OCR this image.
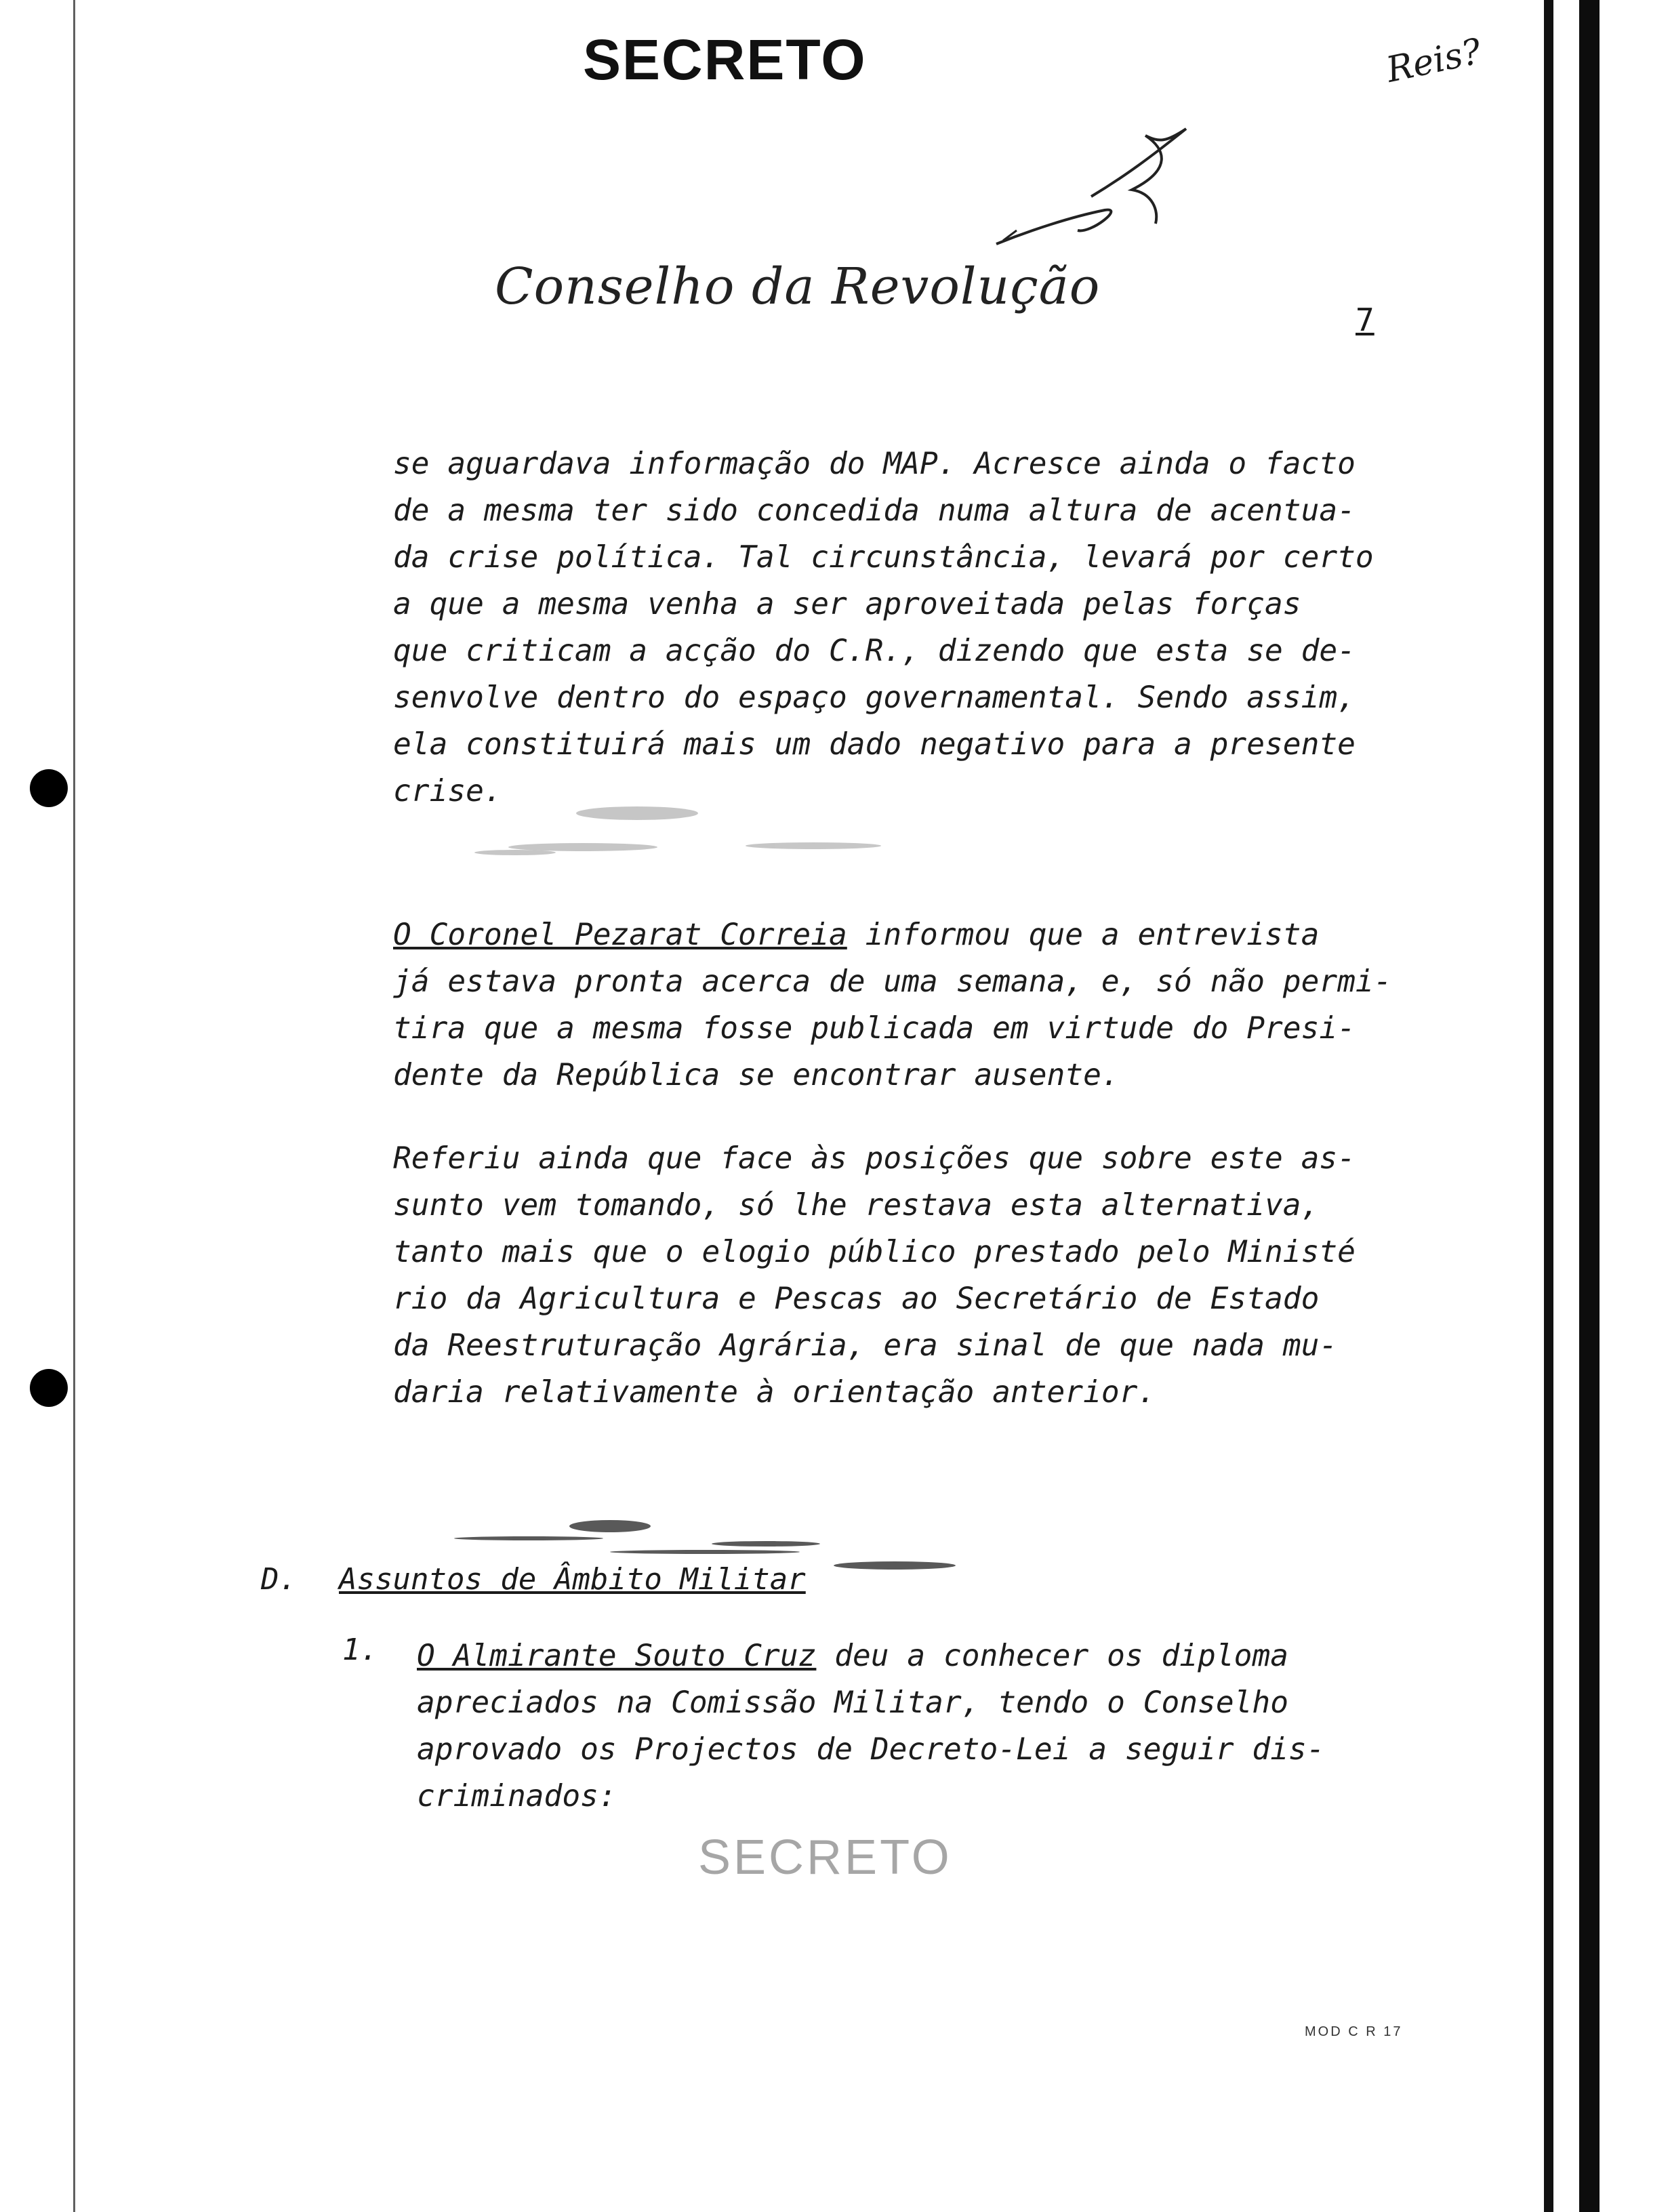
SECRETO	Reis?
Conselho da Revolução
7

se aguardava informação do MAP. Acresce ainda o facto

de a mesma ter sido concedida numa altura de acentua-

da crise política. Tal circunstância, levará por certo

a que a mesma venha a ser aproveitada pelas forças

que criticam a acção do C.R., dizendo que esta se de-

senvolve dentro do espaço governamental. Sendo assim,

ela constituirá mais um dado negativo para a presente

crise.

O Coronel Pezarat Correia informou que a entrevista

já estava pronta acerca de uma semana, e, só não permi-

tira que a mesma fosse publicada em virtude do Presi-

dente da República se encontrar ausente.

Referiu ainda que face às posições que sobre este as-

sunto vem tomando, só lhe restava esta alternativa,

tanto mais que o elogio público prestado pelo Ministé

rio da Agricultura e Pescas ao Secretário de Estado

da Reestruturação Agrária, era sinal de que nada mu-

daria relativamente à orientação anterior.

D. Assuntos de Âmbito Militar
1. O Almirante Souto Cruz deu a conhecer os diploma

apreciados na Comissão Militar, tendo o Conselho

aprovado os Projectos de Decreto-Lei a seguir dis-

criminados:

SECRETO
MOD C R 17
